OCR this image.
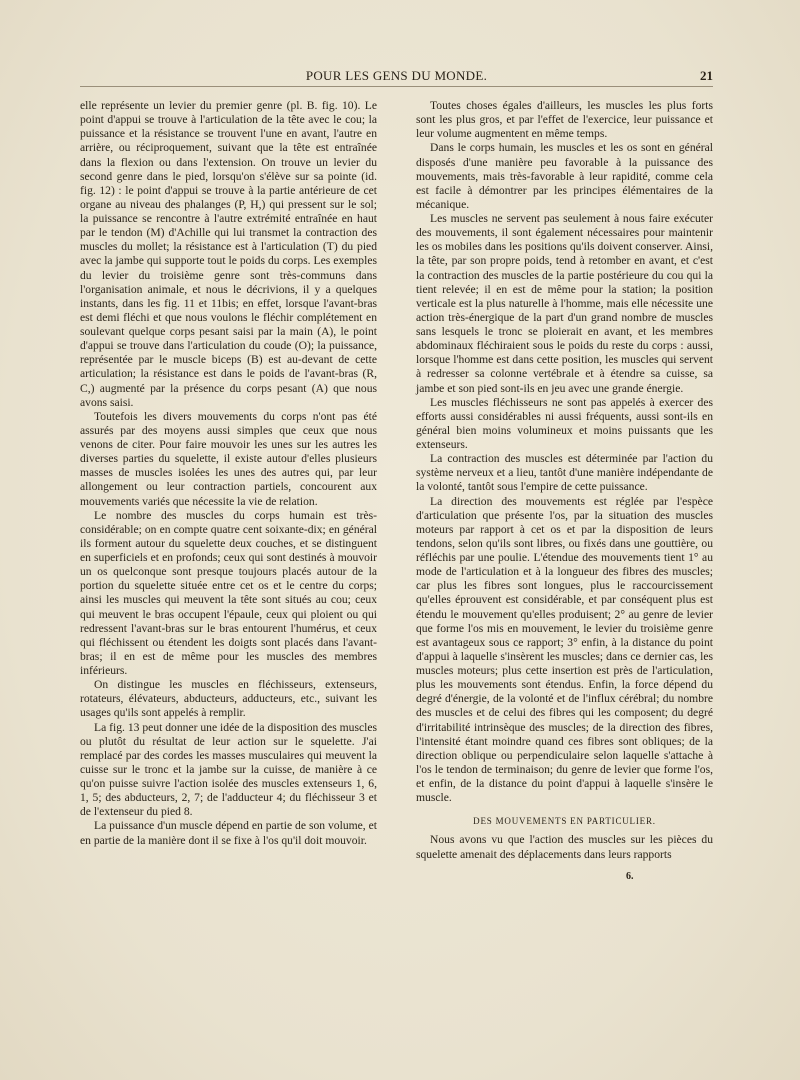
POUR LES GENS DU MONDE.	21

elle représente un levier du premier genre (pl. B. fig. 10). Le point d'appui se trouve à l'articulation de la tête avec le cou; la puissance et la résistance se trouvent l'une en avant, l'autre en arrière, ou réciproquement, suivant que la tête est entraînée dans la flexion ou dans l'extension. On trouve un levier du second genre dans le pied, lorsqu'on s'élève sur sa pointe (id. fig. 12) : le point d'appui se trouve à la partie antérieure de cet organe au niveau des phalanges (P, H,) qui pressent sur le sol; la puissance se rencontre à l'autre extrémité entraînée en haut par le tendon (M) d'Achille qui lui transmet la contraction des muscles du mollet; la résistance est à l'articulation (T) du pied avec la jambe qui supporte tout le poids du corps. Les exemples du levier du troisième genre sont très-communs dans l'organisation animale, et nous le décrivions, il y a quelques instants, dans les fig. 11 et 11bis; en effet, lorsque l'avant-bras est demi fléchi et que nous voulons le fléchir complétement en soulevant quelque corps pesant saisi par la main (A), le point d'appui se trouve dans l'articulation du coude (O); la puissance, représentée par le muscle biceps (B) est au-devant de cette articulation; la résistance est dans le poids de l'avant-bras (R, C,) augmenté par la présence du corps pesant (A) que nous avons saisi.

Toutefois les divers mouvements du corps n'ont pas été assurés par des moyens aussi simples que ceux que nous venons de citer. Pour faire mouvoir les unes sur les autres les diverses parties du squelette, il existe autour d'elles plusieurs masses de muscles isolées les unes des autres qui, par leur allongement ou leur contraction partiels, concourent aux mouvements variés que nécessite la vie de relation.

Le nombre des muscles du corps humain est très-considérable; on en compte quatre cent soixante-dix; en général ils forment autour du squelette deux couches, et se distinguent en superficiels et en profonds; ceux qui sont destinés à mouvoir un os quelconque sont presque toujours placés autour de la portion du squelette située entre cet os et le centre du corps; ainsi les muscles qui meuvent la tête sont situés au cou; ceux qui meuvent le bras occupent l'épaule, ceux qui ploient ou qui redressent l'avant-bras sur le bras entourent l'humérus, et ceux qui fléchissent ou étendent les doigts sont placés dans l'avant-bras; il en est de même pour les muscles des membres inférieurs.

On distingue les muscles en fléchisseurs, extenseurs, rotateurs, élévateurs, abducteurs, adducteurs, etc., suivant les usages qu'ils sont appelés à remplir.

La fig. 13 peut donner une idée de la disposition des muscles ou plutôt du résultat de leur action sur le squelette. J'ai remplacé par des cordes les masses musculaires qui meuvent la cuisse sur le tronc et la jambe sur la cuisse, de manière à ce qu'on puisse suivre l'action isolée des muscles extenseurs 1, 6, 1, 5; des abducteurs, 2, 7; de l'adducteur 4; du fléchisseur 3 et de l'extenseur du pied 8.

La puissance d'un muscle dépend en partie de son volume, et en partie de la manière dont il se fixe à l'os qu'il doit mouvoir.

Toutes choses égales d'ailleurs, les muscles les plus forts sont les plus gros, et par l'effet de l'exercice, leur puissance et leur volume augmentent en même temps.

Dans le corps humain, les muscles et les os sont en général disposés d'une manière peu favorable à la puissance des mouvements, mais très-favorable à leur rapidité, comme cela est facile à démontrer par les principes élémentaires de la mécanique.

Les muscles ne servent pas seulement à nous faire exécuter des mouvements, il sont également nécessaires pour maintenir les os mobiles dans les positions qu'ils doivent conserver. Ainsi, la tête, par son propre poids, tend à retomber en avant, et c'est la contraction des muscles de la partie postérieure du cou qui la tient relevée; il en est de même pour la station; la position verticale est la plus naturelle à l'homme, mais elle nécessite une action très-énergique de la part d'un grand nombre de muscles sans lesquels le tronc se ploierait en avant, et les membres abdominaux fléchiraient sous le poids du reste du corps : aussi, lorsque l'homme est dans cette position, les muscles qui servent à redresser sa colonne vertébrale et à étendre sa cuisse, sa jambe et son pied sont-ils en jeu avec une grande énergie.

Les muscles fléchisseurs ne sont pas appelés à exercer des efforts aussi considérables ni aussi fréquents, aussi sont-ils en général bien moins volumineux et moins puissants que les extenseurs.

La contraction des muscles est déterminée par l'action du système nerveux et a lieu, tantôt d'une manière indépendante de la volonté, tantôt sous l'empire de cette puissance.

La direction des mouvements est réglée par l'espèce d'articulation que présente l'os, par la situation des muscles moteurs par rapport à cet os et par la disposition de leurs tendons, selon qu'ils sont libres, ou fixés dans une gouttière, ou réfléchis par une poulie. L'étendue des mouvements tient 1° au mode de l'articulation et à la longueur des fibres des muscles; car plus les fibres sont longues, plus le raccourcissement qu'elles éprouvent est considérable, et par conséquent plus est étendu le mouvement qu'elles produisent; 2° au genre de levier que forme l'os mis en mouvement, le levier du troisième genre est avantageux sous ce rapport; 3° enfin, à la distance du point d'appui à laquelle s'insèrent les muscles; dans ce dernier cas, les muscles moteurs; plus cette insertion est près de l'articulation, plus les mouvements sont étendus. Enfin, la force dépend du degré d'énergie, de la volonté et de l'influx cérébral; du nombre des muscles et de celui des fibres qui les composent; du degré d'irritabilité intrinsèque des muscles; de la direction des fibres, l'intensité étant moindre quand ces fibres sont obliques; de la direction oblique ou perpendiculaire selon laquelle s'attache à l'os le tendon de terminaison; du genre de levier que forme l'os, et enfin, de la distance du point d'appui à laquelle s'insère le muscle.

DES MOUVEMENTS EN PARTICULIER.

Nous avons vu que l'action des muscles sur les pièces du squelette amenait des déplacements dans leurs rapports

6.
